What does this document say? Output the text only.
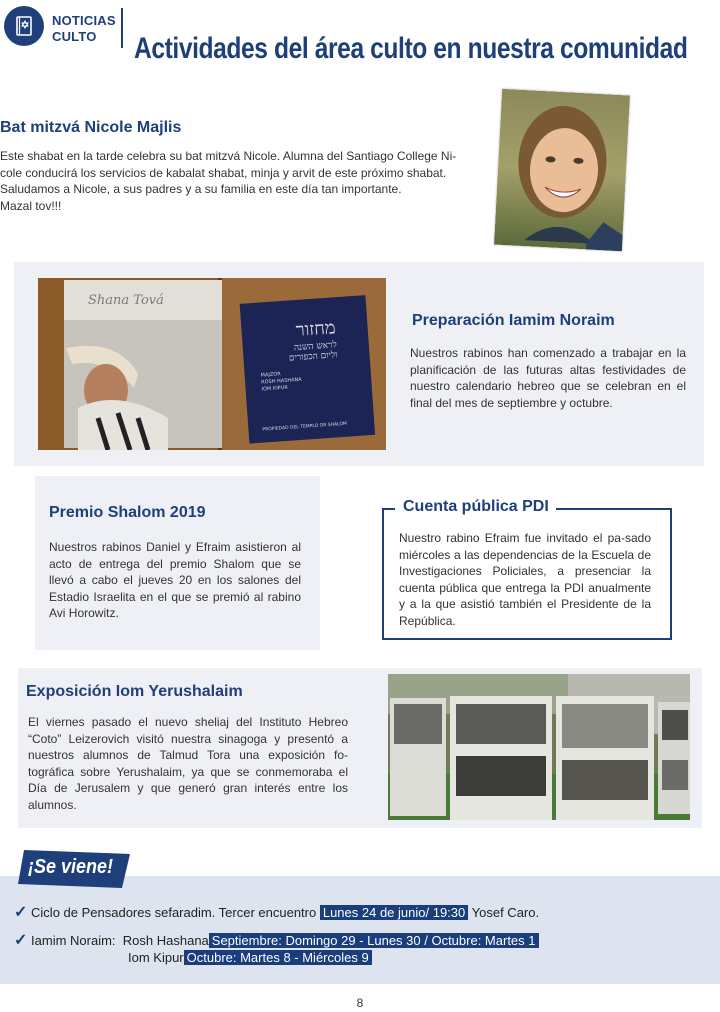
NOTICIAS
CULTO	Actividades del área culto en nuestra comunidad
Bat mitzvá Nicole Majlis

Este shabat en la tarde celebra su bat mitzvá Nicole. Alumna del Santiago College Ni-

cole conducirá los servicios de kabalat shabat, minja y arvit de este próximo shabat.

Saludamos a Nicole, a sus padres y a su familia en este día tan importante.

Mazal tov!!!

Shana Tová
מחזור
לראש השנה
וליום הכפורים
MAJZOR
ROSH HASHANA
IOM KIPUR
PROPIEDAD DEL TEMPLO OR SHALOM
Preparación Iamim Noraim

Nuestros rabinos han comenzado a trabajar en la planificación de las futuras altas festividades de nuestro calendario hebreo que se celebran en el final del mes de septiembre y octubre.

Premio Shalom 2019

Nuestros rabinos Daniel y Efraim asistieron al acto de entrega del premio Shalom que se llevó a cabo el jueves 20 en los salones del Estadio Israelita en el que se premió al rabino Avi Horowitz.

Cuenta pública PDI

Nuestro rabino Efraim fue invitado el pa-sado miércoles a las dependencias de la Escuela de Investigaciones Policiales, a presenciar la cuenta pública que entrega la PDI anualmente y a la que asistió también el Presidente de la República.

Exposición Iom Yerushalaim

El viernes pasado el nuevo sheliaj del Instituto Hebreo “Coto” Leizerovich visitó nuestra sinagoga y presentó a nuestros alumnos de Talmud Tora una exposición fo-tográfica sobre Yerushalaim, ya que se conmemoraba el Día de Jerusalem y que generó gran interés entre los alumnos.

¡Se viene!
✓ Ciclo de Pensadores sefaradim. Tercer encuentro Lunes 24 de junio/ 19:30 Yosef Caro.
✓ Iamim Noraim: Rosh Hashana Septiembre: Domingo 29 - Lunes 30 / Octubre: Martes 1
Iom Kipur Octubre: Martes 8 - Miércoles 9
8
